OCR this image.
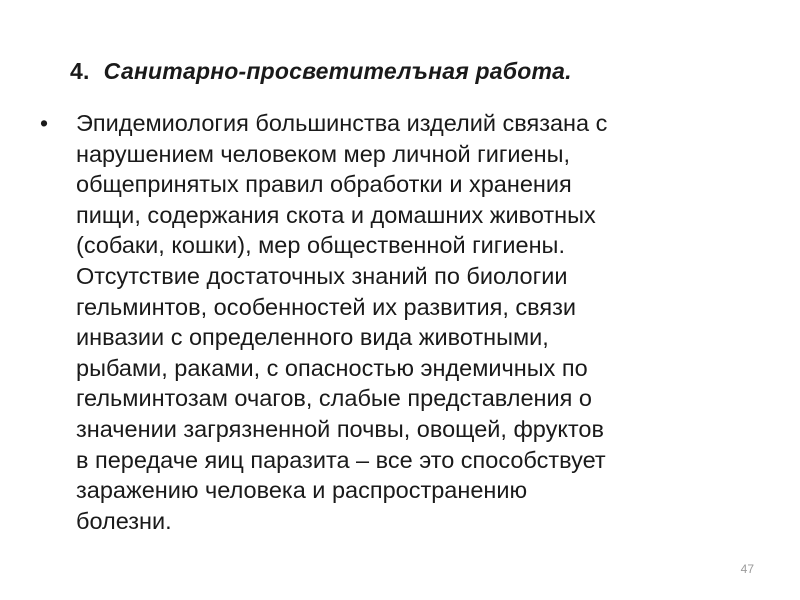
4. Санитарно-просветителъная работа.
• Эпидемиология большинства изделий связана с
нарушением человеком мер личной гигиены,
общепринятых правил обработки и хранения
пищи, содержания скота и домашних животных
(собаки, кошки), мер общественной гигиены.
Отсутствие достаточных знаний по биологии
гельминтов, особенностей их развития, связи
инвазии с определенного вида животными,
рыбами, раками, с опасностью эндемичных по
гельминтозам очагов, слабые представления о
значении загрязненной почвы, овощей, фруктов
в передаче яиц паразита – все это способствует
заражению человека и распространению
болезни.
47
